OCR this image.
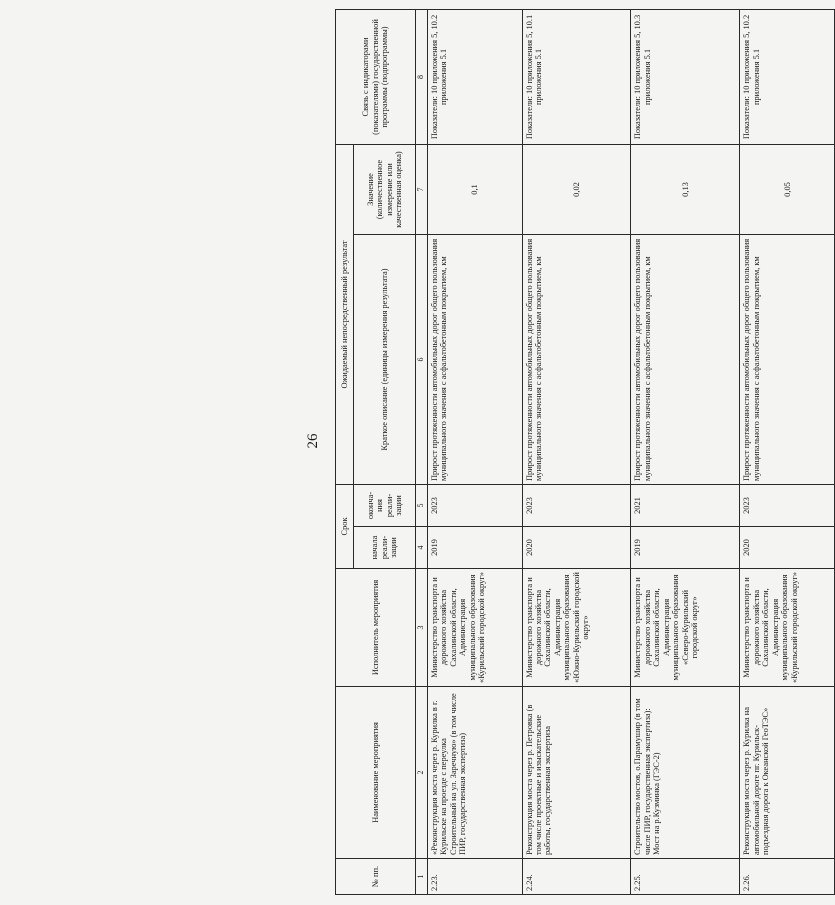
26
№ пп.	Наименование мероприятия	Исполнитель мероприятия	Срок		Ожидаемый непосредственный результат		Связь с индикаторами (показателями) государственной программы (подпрограммы)
			начала реали-зации	оконча-ния реали-зации	Краткое описание (единицы измерения результата)	Значение (количественное измерение или качественная оценка)	

1	2	3	4	5	6	7	8
2.23.	«Реконструкция моста через р. Курилка в г. Курильске на проезде с переулка Строительный на ул. Заречную» (в том числе ПИР, государственная экспертиза)	Министерство транспорта и дорожного хозяйства Сахалинской области, Администрация муниципального образования «Курильский городской округ»	2019	2023	Прирост протяженности автомобильных дорог общего пользования муниципального значения с асфальтобетонным покрытием, км	0,1	Показатели: 10 приложения 5, 10.2 приложения 5.1
2.24.	Реконструкция моста через р. Петровка (в том числе проектные и изыскательские работы, государственная экспертиза	Министерство транспорта и дорожного хозяйства Сахалинской области, Администрация муниципального образования «Южно-Курильский городской округ»	2020	2023	Прирост протяженности автомобильных дорог общего пользования муниципального значения с асфальтобетонным покрытием, км	0,02	Показатели: 10 приложения 5, 10.1 приложения 5.1
2.25.	Строительство мостов, о.Парамушир (в том числе ПИР, государственная экспертиза): Мост на р.Кузминка (ГЭС-2)	Министерство транспорта и дорожного хозяйства Сахалинской области, Администрация муниципального образования «Северо-Курильский городской округ»	2019	2021	Прирост протяженности автомобильных дорог общего пользования муниципального значения с асфальтобетонным покрытием, км	0,13	Показатели: 10 приложения 5, 10.3 приложения 5.1
2.26.	Реконструкция моста через р. Курилка на автомобильной дороге пг. Курильск-подъездная дорога к Океанской ГеоТЭС»	Министерство транспорта и дорожного хозяйства Сахалинской области, Администрация муниципального образования «Курильский городской округ»	2020	2023	Прирост протяженности автомобильных дорог общего пользования муниципального значения с асфальтобетонным покрытием, км	0,05	Показатели: 10 приложения 5, 10.2 приложения 5.1
